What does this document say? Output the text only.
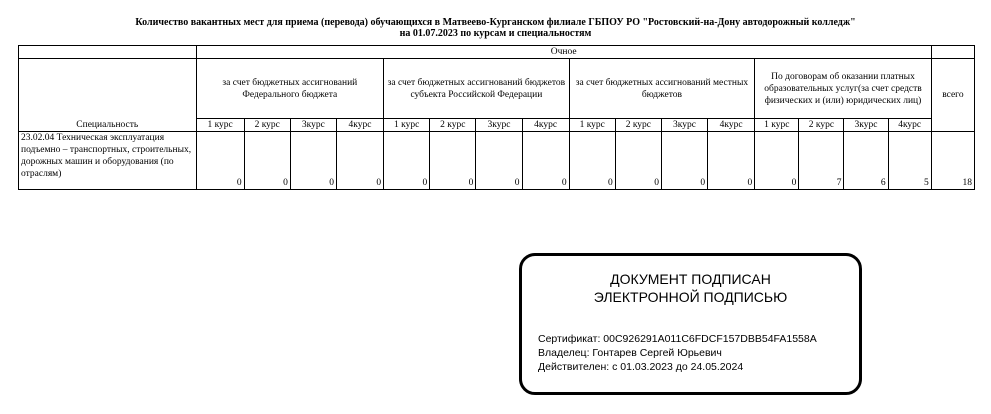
Количество вакантных мест для приема (перевода) обучающихся в Матвеево-Курганском филиале ГБПОУ РО "Ростовский-на-Дону автодорожный колледж"
на 01.07.2023 по курсам и специальностям
	Очное																
Специальность	за счет бюджетных ассигнований Федерального бюджета				за счет бюджетных ассигнований бюджетов субъекта Российской Федерации				за счет бюджетных ассигнований местных бюджетов				По договорам об оказании платных образовательных услуг(за счет средств физических и (или) юридических лиц)				всего
	1 курс	2 курс	3курс	4курс	1 курс	2 курс	3курс	4курс	1 курс	2 курс	3курс	4курс	1 курс	2 курс	3курс	4курс	
23.02.04 Техническая эксплуатация подъемно – транспортных, строительных, дорожных машин и оборудования (по отраслям)	0	0	0	0	0	0	0	0	0	0	0	0	0	7	6	5	18
ДОКУМЕНТ ПОДПИСАН
ЭЛЕКТРОННОЙ ПОДПИСЬЮ
Сертификат: 00C926291A011C6FDCF157DBB54FA1558A
Владелец: Гонтарев Сергей Юрьевич
Действителен: с 01.03.2023 до 24.05.2024
